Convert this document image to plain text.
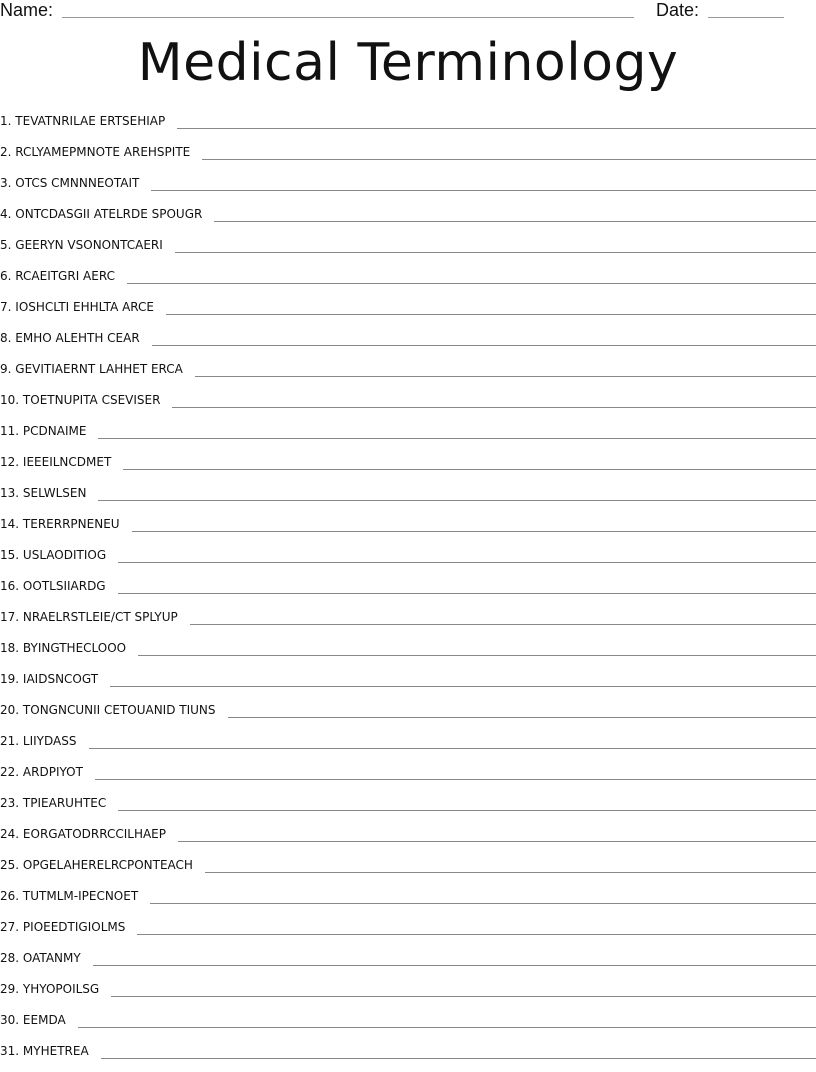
Name:	Date:
Medical Terminology
1.
TEVATNRILAE ERTSEHIAP
2.
RCLYAMEPMNOTE AREHSPITE
3.
OTCS CMNNNEOTAIT
4.
ONTCDASGII ATELRDE SPOUGR
5.
GEERYN VSONONTCAERI
6.
RCAEITGRI AERC
7.
IOSHCLTI EHHLTA ARCE
8.
EMHO ALEHTH CEAR
9.
GEVITIAERNT LAHHET ERCA
10.
TOETNUPITA CSEVISER
11.
PCDNAIME
12.
IEEEILNCDMET
13.
SELWLSEN
14.
TERERRPNENEU
15.
USLAODITIOG
16.
OOTLSIIARDG
17.
NRAELRSTLEIE/CT SPLYUP
18.
BYINGTHECLOOO
19.
IAIDSNCOGT
20.
TONGNCUNII CETOUANID TIUNS
21.
LIIYDASS
22.
ARDPIYOT
23.
TPIEARUHTEC
24.
EORGATODRRCCILHAEP
25.
OPGELAHERELRCPONTEACH
26.
TUTMLM-IPECNOET
27.
PIOEEDTIGIOLMS
28.
OATANMY
29.
YHYOPOILSG
30.
EEMDA
31.
MYHETREA
